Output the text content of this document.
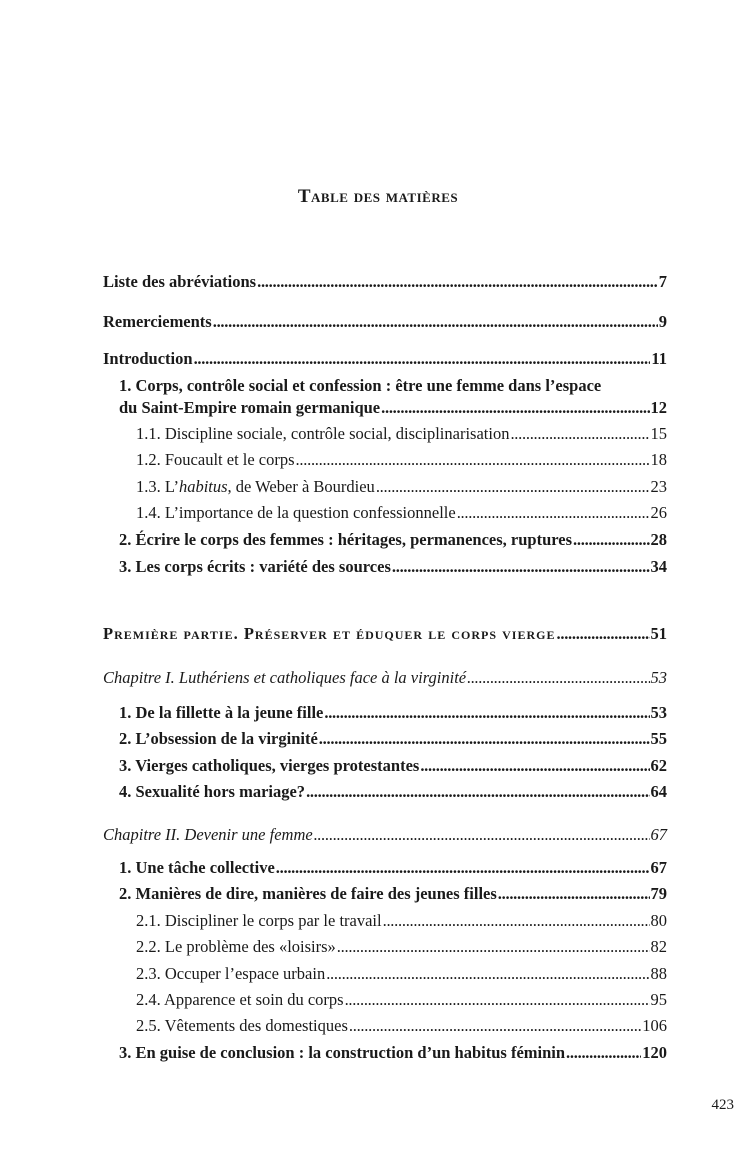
Table des matières
Liste des abréviations . . .	7
Remerciements . . .	9
Introduction . . .	11
1. Corps, contrôle social et confession : être une femme dans l’espace
du Saint-Empire romain germanique . . .	12
1.1. Discipline sociale, contrôle social, disciplinarisation . . .	15
1.2. Foucault et le corps . . .	18
1.3. L’habitus, de Weber à Bourdieu . . .	23
1.4. L’importance de la question confessionnelle . . .	26
2. Écrire le corps des femmes : héritages, permanences, ruptures . . .	28
3. Les corps écrits : variété des sources . . .	34
Première partie. Préserver et éduquer le corps vierge . . .	51
Chapitre I. Luthériens et catholiques face à la virginité . . .	53
1. De la fillette à la jeune fille . . .	53
2. L’obsession de la virginité . . .	55
3. Vierges catholiques, vierges protestantes . . .	62
4. Sexualité hors mariage? . . .	64
Chapitre II. Devenir une femme . . .	67
1. Une tâche collective . . .	67
2. Manières de dire, manières de faire des jeunes filles . . .	79
2.1. Discipliner le corps par le travail . . .	80
2.2. Le problème des «loisirs» . . .	82
2.3. Occuper l’espace urbain . . .	88
2.4. Apparence et soin du corps . . .	95
2.5. Vêtements des domestiques . . .	106
3. En guise de conclusion : la construction d’un habitus féminin . . .	120
423
